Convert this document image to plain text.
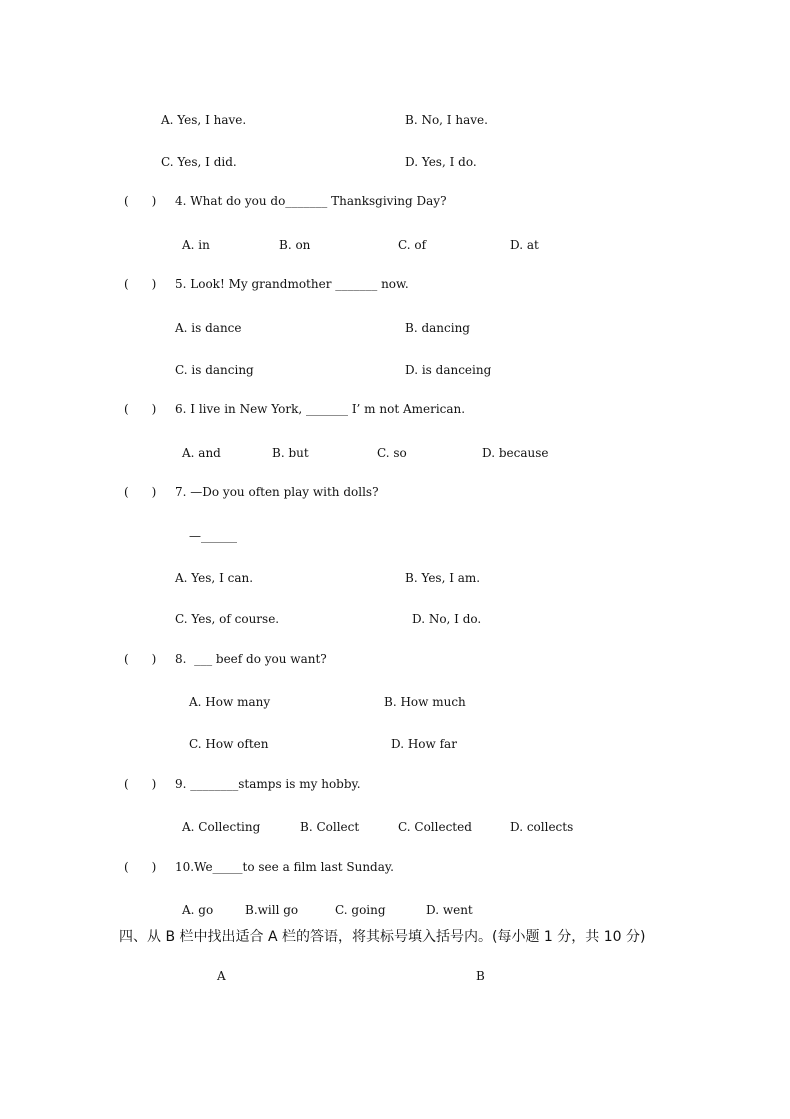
A. Yes, I have.	B. No, I have.
C. Yes, I did.	D. Yes, I do.
(      ) 4. What do you do_______ Thanksgiving Day?
A. in	B. on	C. of	D. at
(      ) 5. Look! My grandmother _______ now.
A. is dance	B. dancing
C. is dancing	D. is danceing
(      ) 6. I live in New York, _______ I’ m not American.
A. and	B. but	C. so	D. because
(      ) 7. —Do you often play with dolls?
—______
A. Yes, I can.	B. Yes, I am.
C. Yes, of course.	D. No, I do.
(      ) 8.  ___ beef do you want?
A. How many	B. How much
C. How often	D. How far
(      ) 9. ________stamps is my hobby.
A. Collecting	B. Collect	C. Collected	D. collects
(      ) 10.We_____to see a film last Sunday.
A. go	B.will go	C. going	D. went
四、从 B 栏中找出适合 A 栏的答语，将其标号填入括号内。(每小题 1 分，共 10 分)
A	B
